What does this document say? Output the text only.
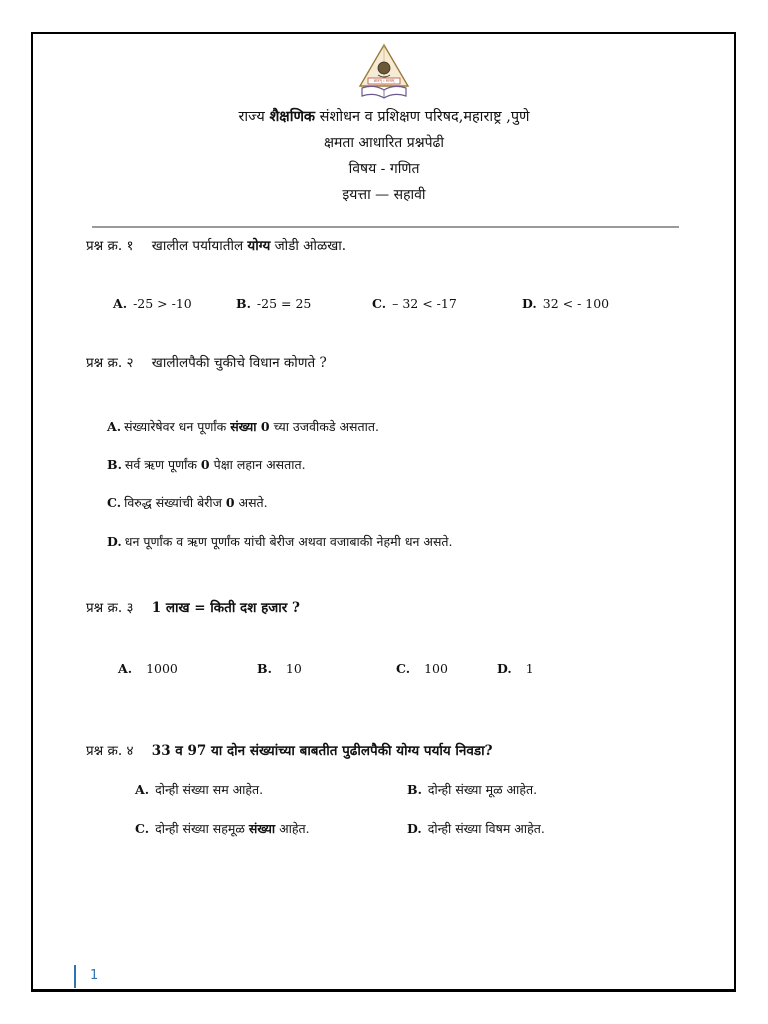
ज्ञानम् । सत्यम्
राज्य शैक्षणिक संशोधन व प्रशिक्षण परिषद,महाराष्ट्र ,पुणे
क्षमता आधारित प्रश्नपेढी
विषय - गणित
इयत्ता — सहावी
प्रश्न क्र. १ खालील पर्यायातील योग्य जोडी ओळखा.
A. -25 > -10	B. -25 = 25	C. – 32 < -17	D. 32 < - 100
प्रश्न क्र. २ खालीलपैकी चुकीचे विधान कोणते ?
A. संख्यारेषेवर धन पूर्णांक संख्या 0 च्या उजवीकडे असतात.
B. सर्व ऋण पूर्णांक 0 पेक्षा लहान असतात.
C. विरुद्ध संख्यांची बेरीज 0 असते.
D. धन पूर्णांक व ऋण पूर्णांक यांची बेरीज अथवा वजाबाकी नेहमी धन असते.
प्रश्न क्र. ३ 1 लाख = किती दश हजार ?
A. 1000	B. 10	C. 100	D. 1
प्रश्न क्र. ४ 33 व 97 या दोन संख्यांच्या बाबतीत पुढीलपैकी योग्य पर्याय निवडा?
A. दोन्ही संख्या सम आहेत.	B. दोन्ही संख्या मूळ आहेत.
C. दोन्ही संख्या सहमूळ संख्या आहेत.	D. दोन्ही संख्या विषम आहेत.
1
